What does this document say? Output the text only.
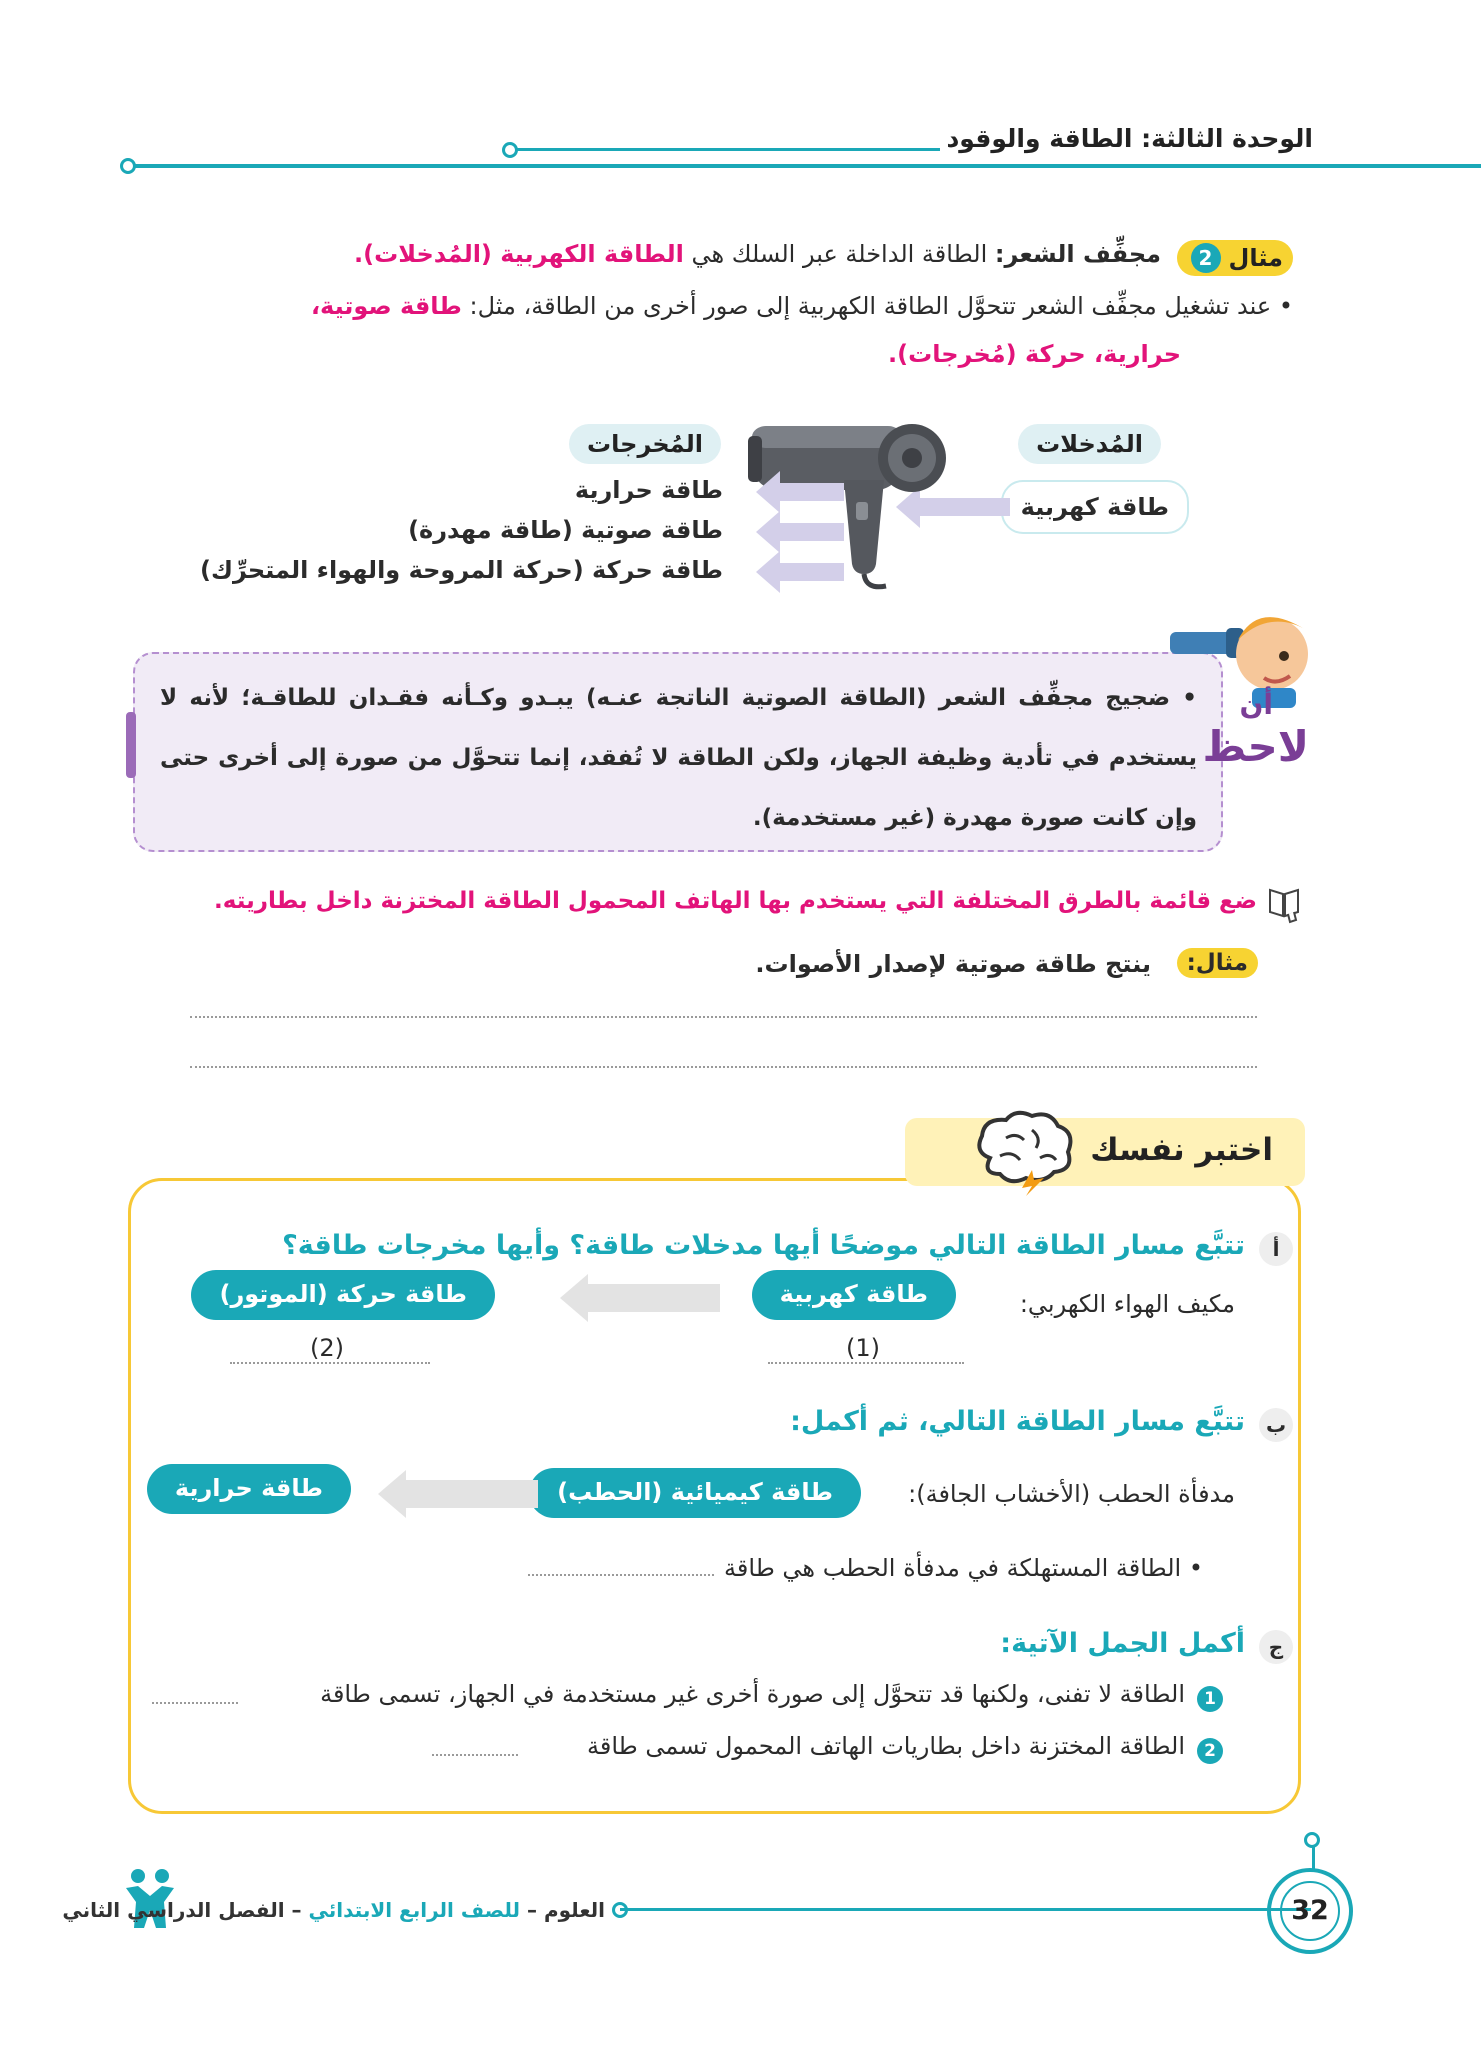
الوحدة الثالثة: الطاقة والوقود
مثال
2
مجفِّف الشعر: الطاقة الداخلة عبر السلك هي الطاقة الكهربية (المُدخلات).
• عند تشغيل مجفِّف الشعر تتحوَّل الطاقة الكهربية إلى صور أخرى من الطاقة، مثل: طاقة صوتية،
حرارية، حركة (مُخرجات).
المُدخلات
طاقة كهربية
المُخرجات
طاقة حرارية
طاقة صوتية (طاقة مهدرة)
طاقة حركة (حركة المروحة والهواء المتحرِّك)
• ضجيج مجفِّف الشعر (الطاقة الصوتية الناتجة عنـه) يبـدو وكـأنه فقـدان للطاقـة؛ لأنه لا يستخدم في تأدية وظيفة الجهاز، ولكن الطاقة لا تُفقد، إنما تتحوَّل من صورة إلى أخرى حتى وإن كانت صورة مهدرة (غير مستخدمة).
أن
لاحظ
ضع قائمة بالطرق المختلفة التي يستخدم بها الهاتف المحمول الطاقة المختزنة داخل بطاريته.
مثال:
ينتج طاقة صوتية لإصدار الأصوات.
اختبر نفسك
أ
تتبَّع مسار الطاقة التالي موضحًا أيها مدخلات طاقة؟ وأيها مخرجات طاقة؟
مكيف الهواء الكهربي:
طاقة كهربية
طاقة حركة (الموتور)
(1)
(2)
ب
تتبَّع مسار الطاقة التالي، ثم أكمل:
مدفأة الحطب (الأخشاب الجافة):
طاقة كيميائية (الحطب)
طاقة حرارية
• الطاقة المستهلكة في مدفأة الحطب هي طاقة
ج
أكمل الجمل الآتية:
1
الطاقة لا تفنى، ولكنها قد تتحوَّل إلى صورة أخرى غير مستخدمة في الجهاز، تسمى طاقة
2
الطاقة المختزنة داخل بطاريات الهاتف المحمول تسمى طاقة
العلوم – للصف الرابع الابتدائي – الفصل الدراسي الثاني	32
